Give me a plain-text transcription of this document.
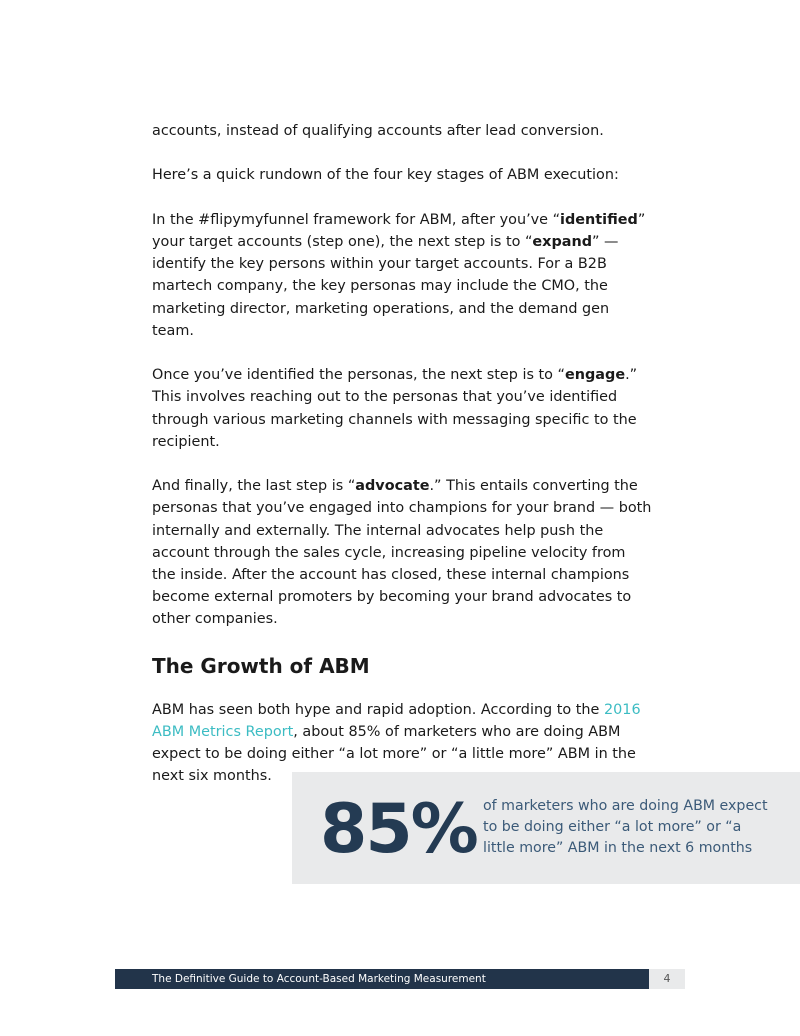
accounts, instead of qualifying accounts after lead conversion.

Here’s a quick rundown of the four key stages of ABM execution:

In the #flipymyfunnel framework for ABM, after you’ve “identified” your target accounts (step one), the next step is to “expand” — identify the key persons within your target accounts. For a B2B martech company, the key personas may include the CMO, the marketing director, marketing operations, and the demand gen team.

Once you’ve identified the personas, the next step is to “engage.” This involves reaching out to the personas that you’ve identified through various marketing channels with messaging specific to the recipient.

And finally, the last step is “advocate.” This entails converting the personas that you’ve engaged into champions for your brand — both internally and externally. The internal advocates help push the account through the sales cycle, increasing pipeline velocity from the inside. After the account has closed, these internal champions become external promoters by becoming your brand advocates to other companies.

The Growth of ABM

ABM has seen both hype and rapid adoption. According to the 2016 ABM Metrics Report, about 85% of marketers who are doing ABM expect to be doing either “a lot more” or “a little more” ABM in the next six months.

85% of marketers who are doing ABM expect to be doing either “a lot more” or “a little more” ABM in the next 6 months
The Definitive Guide to Account-Based Marketing Measurement	4
